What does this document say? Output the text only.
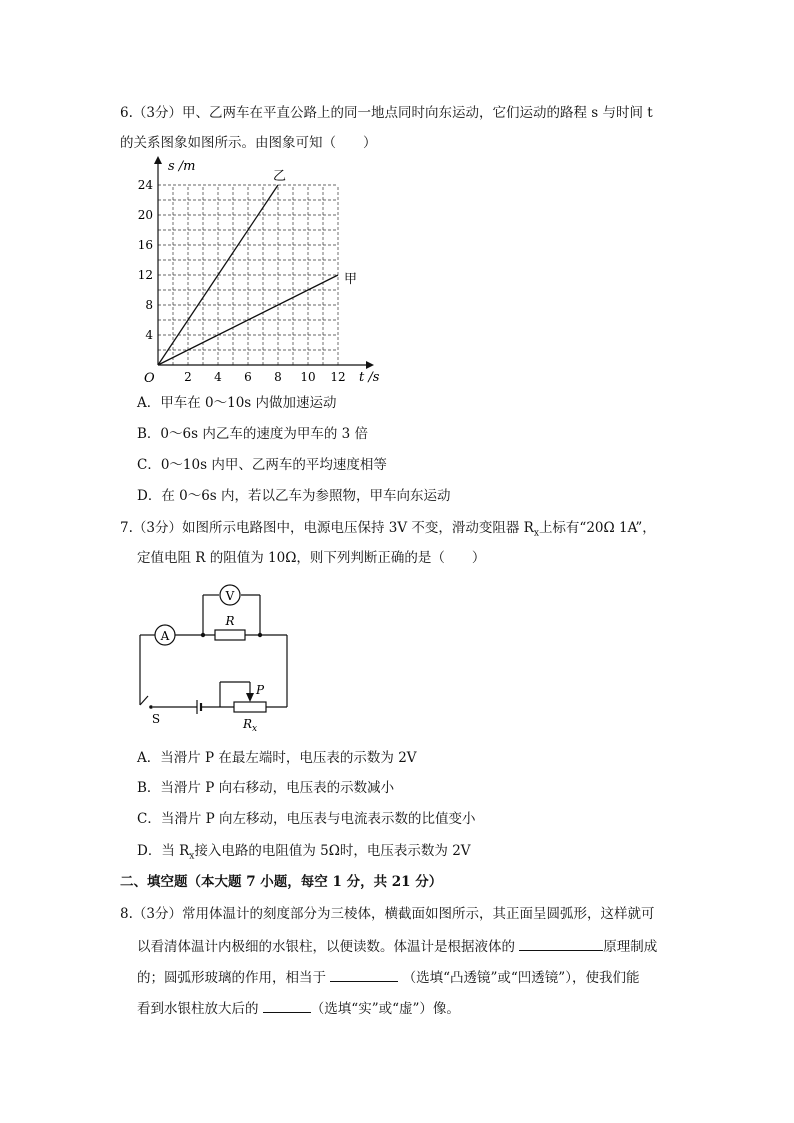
6.（3分）甲、乙两车在平直公路上的同一地点同时向东运动，它们运动的路程 s 与时间 t
的关系图象如图所示。由图象可知（　　）
s /m
t /s
O 2 4 6 8 10 12
4
8
12
16
20
24
乙
甲
A．甲车在 0～10s 内做加速运动
B．0～6s 内乙车的速度为甲车的 3 倍
C．0～10s 内甲、乙两车的平均速度相等
D．在 0～6s 内，若以乙车为参照物，甲车向东运动
7.（3分）如图所示电路图中，电源电压保持 3V 不变，滑动变阻器 $R_x$上标有“20Ω 1A”，
定值电阻 R 的阻值为 10Ω，则下列判断正确的是（　　）
V
A
R
S	$R_x$
P
A．当滑片 P 在最左端时，电压表的示数为 2V
B．当滑片 P 向右移动，电压表的示数减小
C．当滑片 P 向左移动，电压表与电流表示数的比值变小
D．当 $R_x$接入电路的电阻值为 5Ω时，电压表示数为 2V
二、填空题（本大题 7 小题，每空 1 分，共 21 分）
8.（3分）常用体温计的刻度部分为三棱体，横截面如图所示，其正面呈圆弧形，这样就可
以看清体温计内极细的水银柱，以便读数。体温计是根据液体的	原理制成
的；圆弧形玻璃的作用，相当于	（选填“凸透镜”或“凹透镜”），使我们能
看到水银柱放大后的	（选填“实”或“虚”）像。
